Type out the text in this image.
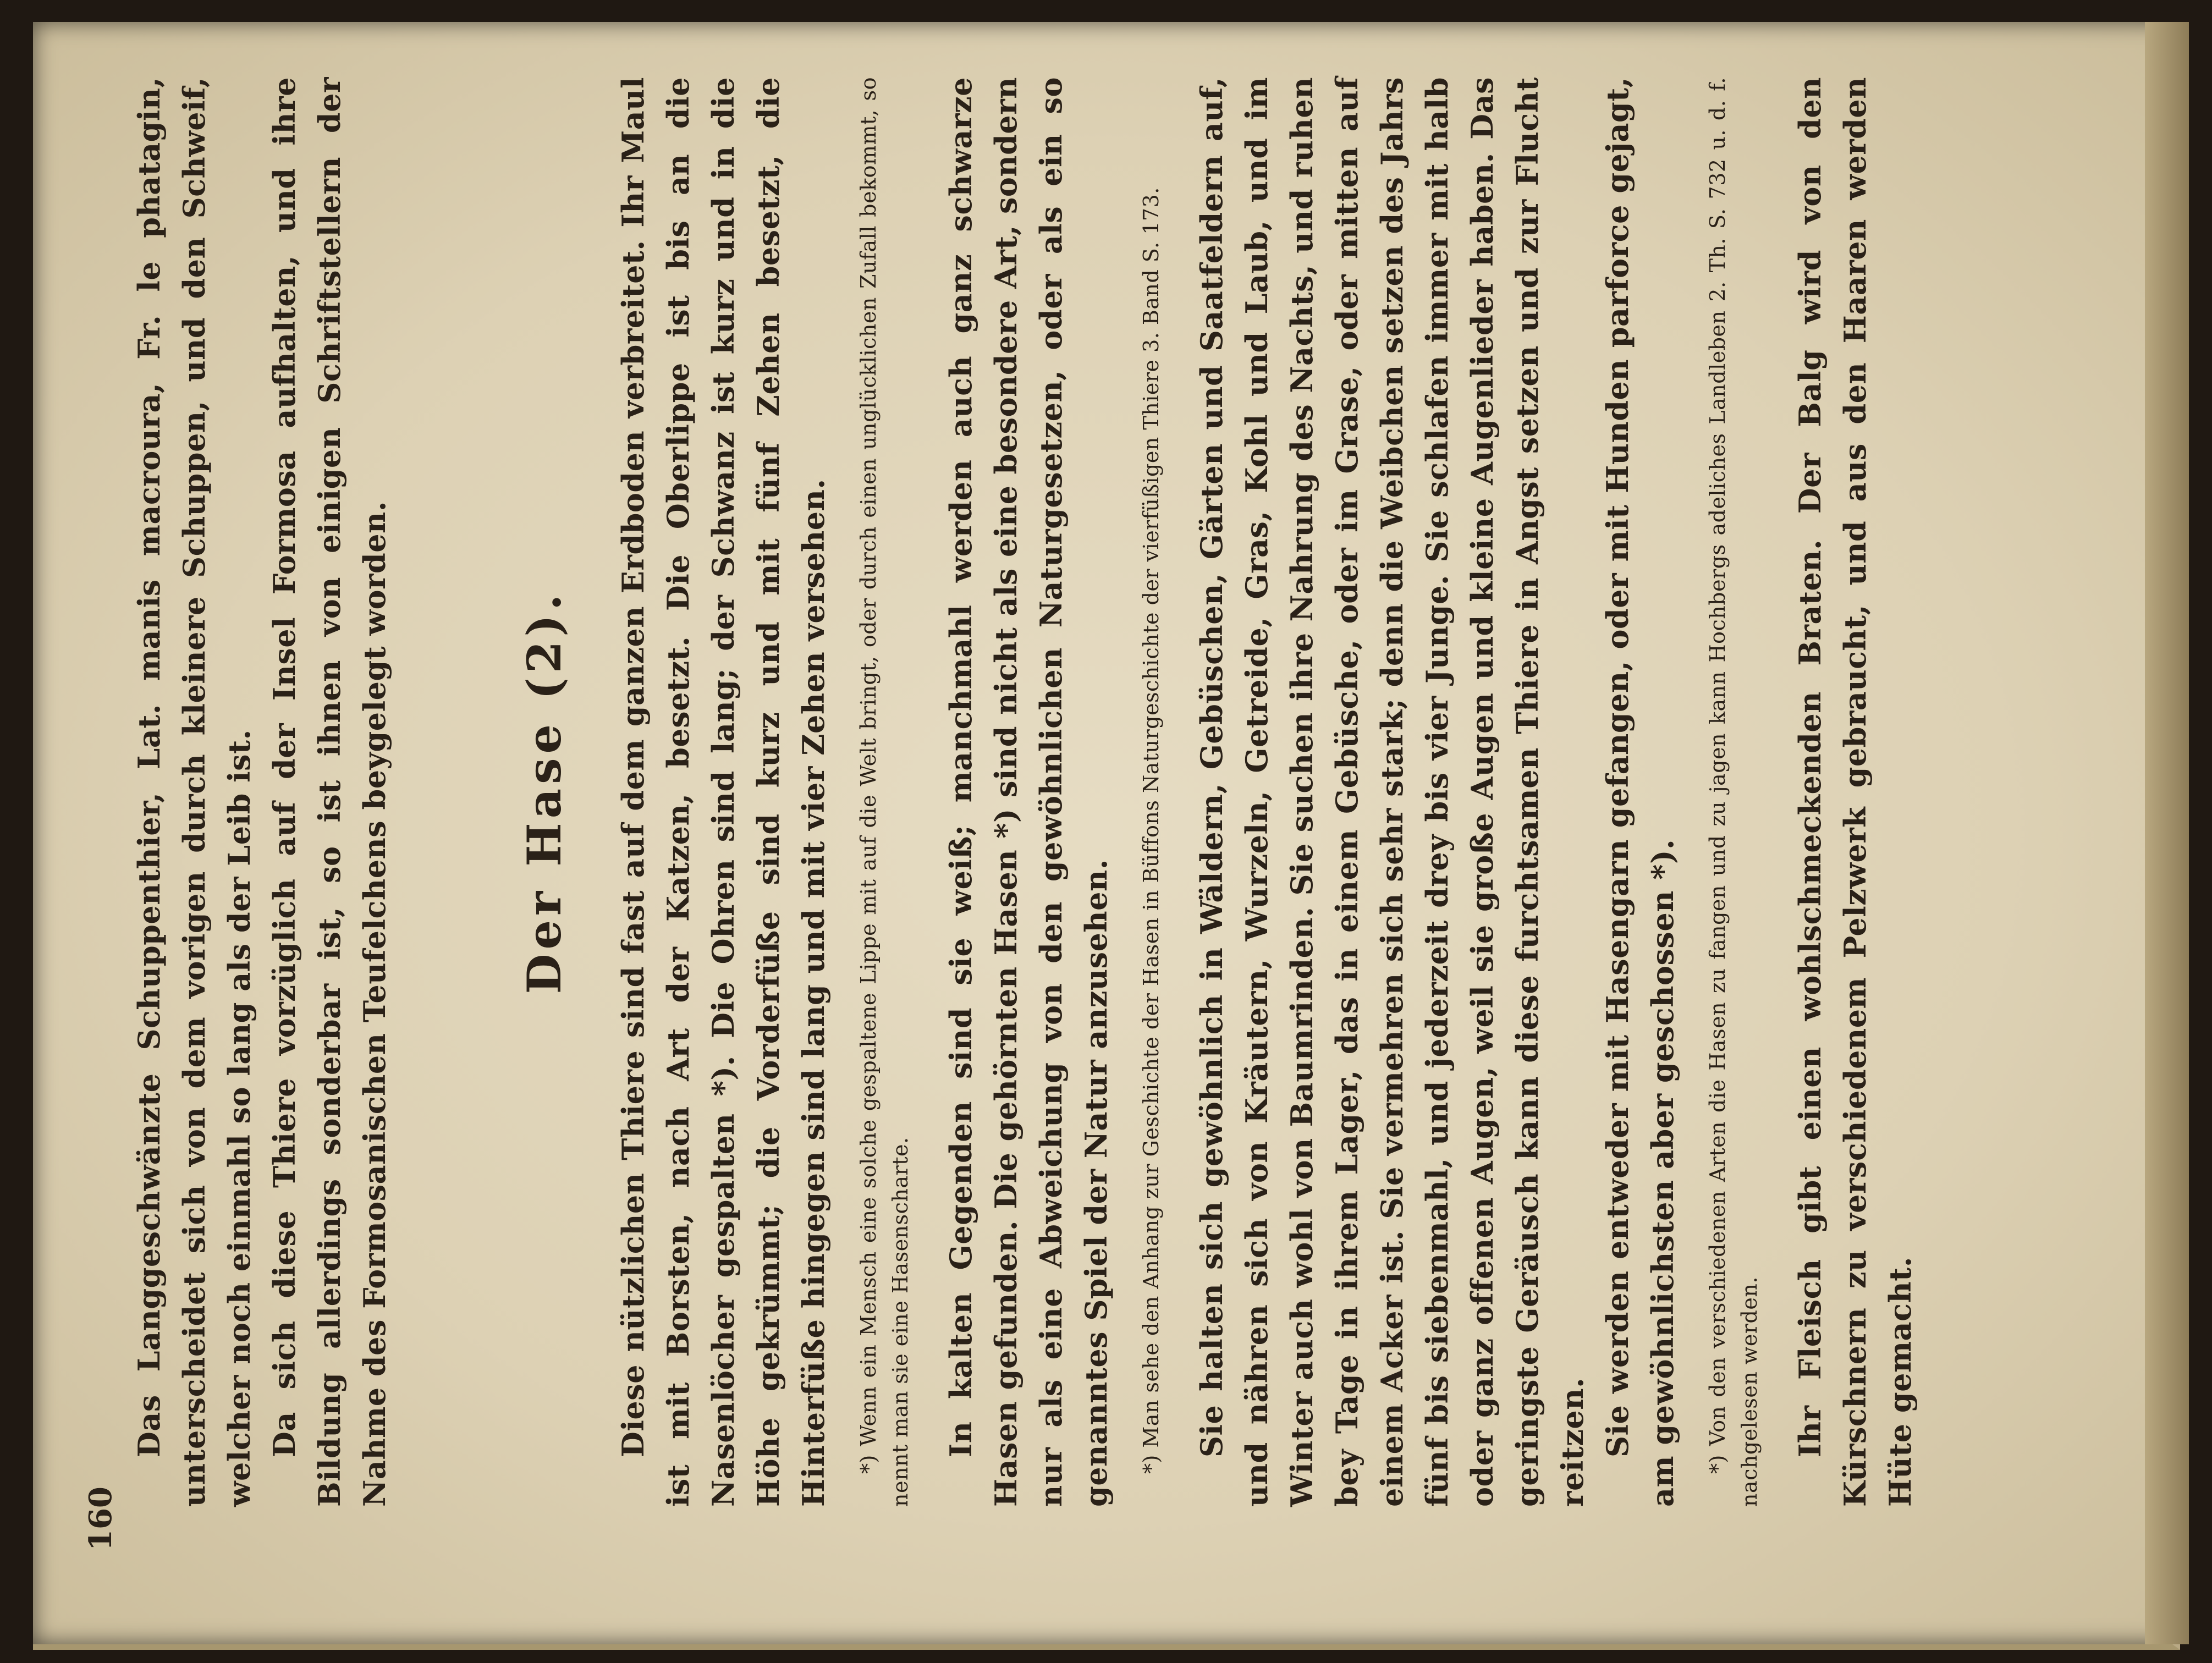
160

Das Langgeschwänzte Schuppenthier, Lat. manis macroura, Fr. le phatagin, unterscheidet sich von dem vorigen durch kleinere Schuppen, und den Schweif, welcher noch einmahl so lang als der Leib ist. Da sich diese Thiere vorzüglich auf der Insel Formosa aufhalten, und ihre Bildung allerdings sonderbar ist, so ist ihnen von einigen Schriftstellern der Nahme des Formosanischen Teufelchens beygelegt worden.	Der Hase (2). Diese nützlichen Thiere sind fast auf dem ganzen Erdboden verbreitet. Ihr Maul ist mit Borsten, nach Art der Katzen, besetzt. Die Oberlippe ist bis an die Nasenlöcher gespalten *). Die Ohren sind lang; der Schwanz ist kurz und in die Höhe gekrümmt; die Vorderfüße sind kurz und mit fünf Zehen besetzt, die Hinterfüße hingegen sind lang und mit vier Zehen versehen. *) Wenn ein Mensch eine solche gespaltene Lippe mit auf die Welt bringt, oder durch einen unglücklichen Zufall bekommt, so nennt man sie eine Hasenscharte. In kalten Gegenden sind sie weiß; manchmahl werden auch ganz schwarze Hasen gefunden. Die gehörnten Hasen *) sind nicht als eine besondere Art, sondern nur als eine Abweichung von den gewöhnlichen Naturgesetzen, oder als ein so genanntes Spiel der Natur anzusehen. *) Man sehe den Anhang zur Geschichte der Hasen in Büffons Naturgeschichte der vierfüßigen Thiere 3. Band S. 173. Sie halten sich gewöhnlich in Wäldern, Gebüschen, Gärten und Saatfeldern auf, und nähren sich von Kräutern, Wurzeln, Getreide, Gras, Kohl und Laub, und im Winter auch wohl von Baumrinden. Sie suchen ihre Nahrung des Nachts, und ruhen bey Tage in ihrem Lager, das in einem Gebüsche, oder im Grase, oder mitten auf einem Acker ist. Sie vermehren sich sehr stark; denn die Weibchen setzen des Jahrs fünf bis siebenmahl, und jederzeit drey bis vier Junge. Sie schlafen immer mit halb oder ganz offenen Augen, weil sie große Augen und kleine Augenlieder haben. Das geringste Geräusch kann diese furchtsamen Thiere in Angst setzen und zur Flucht reitzen. Sie werden entweder mit Hasengarn gefangen, oder mit Hunden parforce gejagt, am gewöhnlichsten aber geschossen *). *) Von den verschiedenen Arten die Hasen zu fangen und zu jagen kann Hochbergs adeliches Landleben 2. Th. S. 732 u. d. f. nachgelesen werden. Ihr Fleisch gibt einen wohlschmeckenden Braten. Der Balg wird von den Kürschnern zu verschiedenem Pelzwerk gebraucht, und aus den Haaren werden Hüte gemacht.
